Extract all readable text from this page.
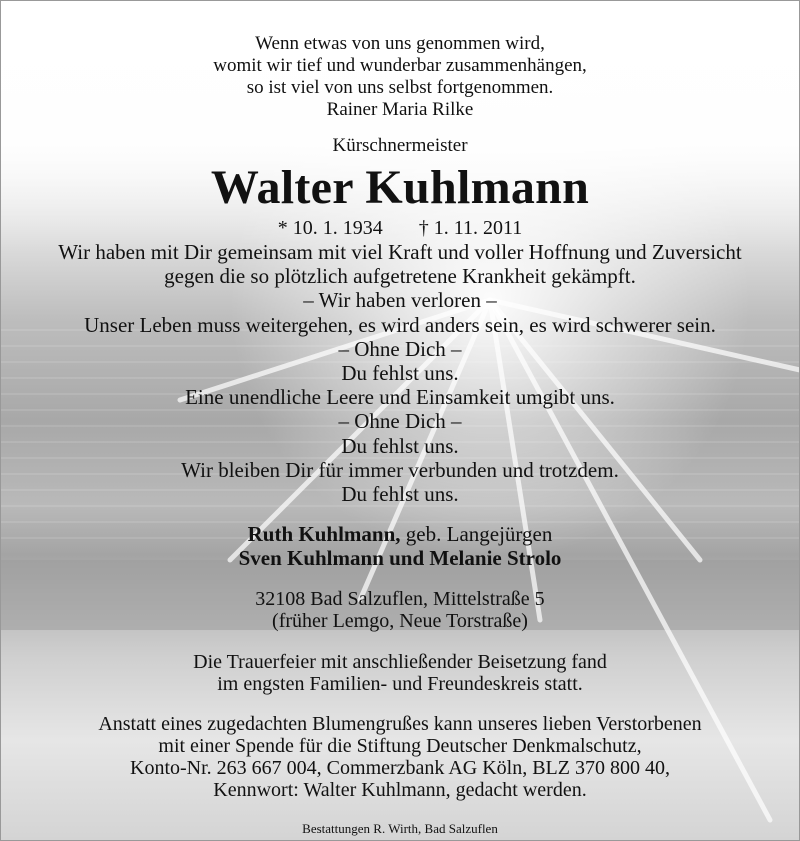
Wenn etwas von uns genommen wird,
womit wir tief und wunderbar zusammenhängen,
so ist viel von uns selbst fortgenommen.
Rainer Maria Rilke
Kürschnermeister
Walter Kuhlmann
* 10. 1. 1934 † 1. 11. 2011
Wir haben mit Dir gemeinsam mit viel Kraft und voller Hoffnung und Zuversicht
gegen die so plötzlich aufgetretene Krankheit gekämpft.
– Wir haben verloren –
Unser Leben muss weitergehen, es wird anders sein, es wird schwerer sein.
– Ohne Dich –
Du fehlst uns.
Eine unendliche Leere und Einsamkeit umgibt uns.
– Ohne Dich –
Du fehlst uns.
Wir bleiben Dir für immer verbunden und trotzdem.
Du fehlst uns.
Ruth Kuhlmann, geb. Langejürgen
Sven Kuhlmann und Melanie Strolo
32108 Bad Salzuflen, Mittelstraße 5
(früher Lemgo, Neue Torstraße)
Die Trauerfeier mit anschließender Beisetzung fand
im engsten Familien- und Freundeskreis statt.
Anstatt eines zugedachten Blumengrußes kann unseres lieben Verstorbenen
mit einer Spende für die Stiftung Deutscher Denkmalschutz,
Konto-Nr. 263 667 004, Commerzbank AG Köln, BLZ 370 800 40,
Kennwort: Walter Kuhlmann, gedacht werden.
Bestattungen R. Wirth, Bad Salzuflen
